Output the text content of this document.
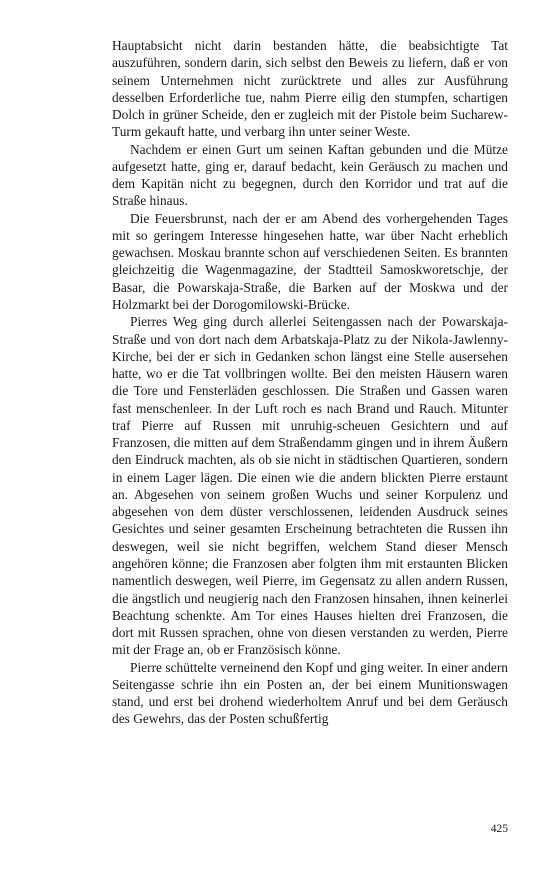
Hauptabsicht nicht darin bestanden hätte, die beabsichtigte Tat auszuführen, sondern darin, sich selbst den Beweis zu liefern, daß er von seinem Unternehmen nicht zurücktrete und alles zur Ausführung desselben Erforderliche tue, nahm Pierre eilig den stumpfen, schartigen Dolch in grüner Scheide, den er zugleich mit der Pistole beim Sucharew-Turm gekauft hatte, und verbarg ihn unter seiner Weste.

Nachdem er einen Gurt um seinen Kaftan gebunden und die Mütze aufgesetzt hatte, ging er, darauf bedacht, kein Geräusch zu machen und dem Kapitän nicht zu begegnen, durch den Korridor und trat auf die Straße hinaus.

Die Feuersbrunst, nach der er am Abend des vorhergehenden Tages mit so geringem Interesse hingesehen hatte, war über Nacht erheblich gewachsen. Moskau brannte schon auf verschiedenen Seiten. Es brannten gleichzeitig die Wagenmagazine, der Stadtteil Samoskworetschje, der Basar, die Powarskaja-Straße, die Barken auf der Moskwa und der Holzmarkt bei der Dorogomilowski-Brücke.

Pierres Weg ging durch allerlei Seitengassen nach der Powarskaja-Straße und von dort nach dem Arbatskaja-Platz zu der Nikola-Jawlenny-Kirche, bei der er sich in Gedanken schon längst eine Stelle ausersehen hatte, wo er die Tat vollbringen wollte. Bei den meisten Häusern waren die Tore und Fensterläden geschlossen. Die Straßen und Gassen waren fast menschenleer. In der Luft roch es nach Brand und Rauch. Mitunter traf Pierre auf Russen mit unruhig-scheuen Gesichtern und auf Franzosen, die mitten auf dem Straßendamm gingen und in ihrem Äußern den Eindruck machten, als ob sie nicht in städtischen Quartieren, sondern in einem Lager lägen. Die einen wie die andern blickten Pierre erstaunt an. Abgesehen von seinem großen Wuchs und seiner Korpulenz und abgesehen von dem düster verschlossenen, leidenden Ausdruck seines Gesichtes und seiner gesamten Erscheinung betrachteten die Russen ihn deswegen, weil sie nicht begriffen, welchem Stand dieser Mensch angehören könne; die Franzosen aber folgten ihm mit erstaunten Blicken namentlich deswegen, weil Pierre, im Gegensatz zu allen andern Russen, die ängstlich und neugierig nach den Franzosen hinsahen, ihnen keinerlei Beachtung schenkte. Am Tor eines Hauses hielten drei Franzosen, die dort mit Russen sprachen, ohne von diesen verstanden zu werden, Pierre mit der Frage an, ob er Französisch könne.

Pierre schüttelte verneinend den Kopf und ging weiter. In einer andern Seitengasse schrie ihn ein Posten an, der bei einem Munitionswagen stand, und erst bei drohend wiederholtem Anruf und bei dem Geräusch des Gewehrs, das der Posten schußfertig

425
